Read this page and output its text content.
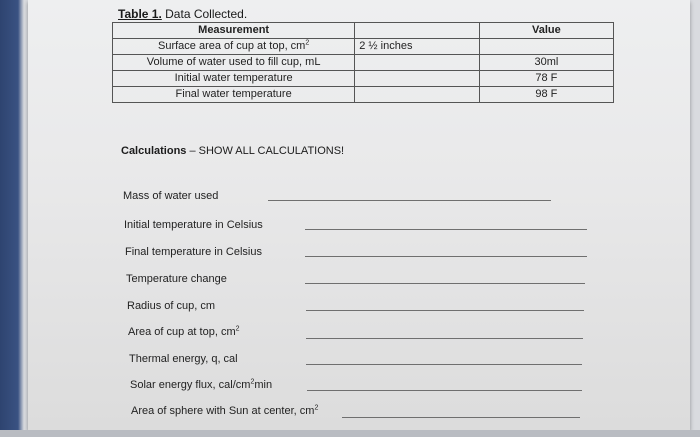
Table 1. Data Collected.
Measurement		Value
Surface area of cup at top, $cm^2$	2 ½ inches	
Volume of water used to fill cup, mL		30ml
Initial water temperature		78 F
Final water temperature		98 F
Calculations – SHOW ALL CALCULATIONS!
Mass of water used
Initial temperature in Celsius
Final temperature in Celsius
Temperature change
Radius of cup, cm
Area of cup at top, $cm^2$
Thermal energy, q, cal
Solar energy flux, cal/$cm^2\min$
Area of sphere with Sun at center, $cm^2$
